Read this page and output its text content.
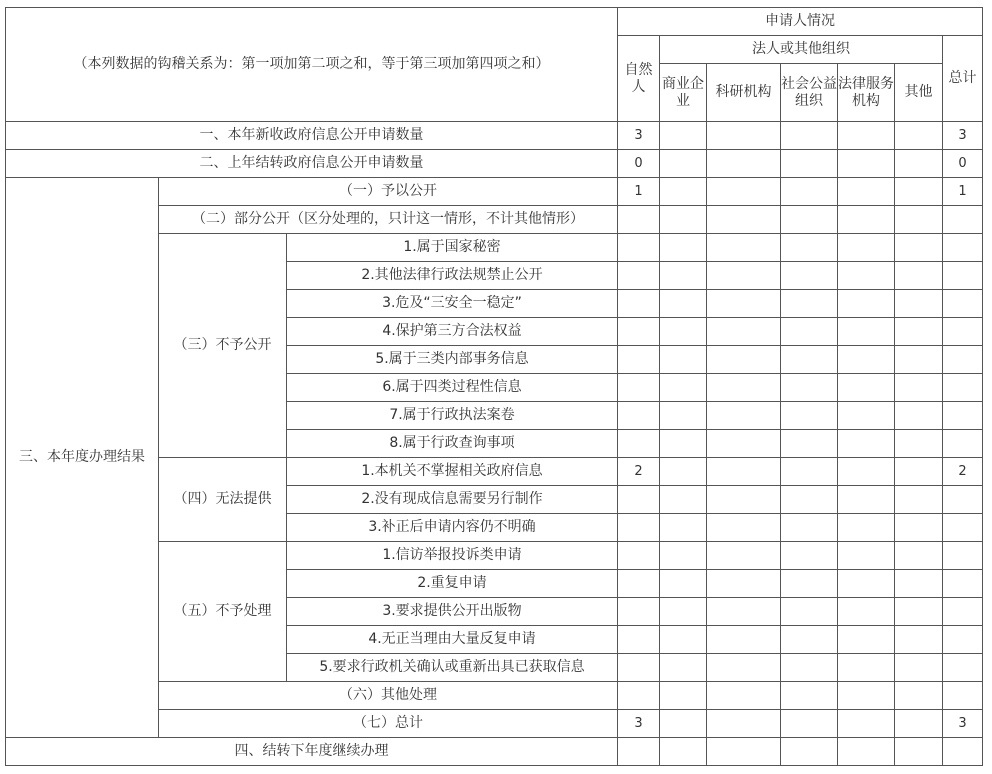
（本列数据的钩稽关系为：第一项加第二项之和，等于第三项加第四项之和）			申请人情况						
			自然人	法人或其他组织					总计
				商业企业	科研机构	社会公益组织	法律服务机构	其他	
一、本年新收政府信息公开申请数量			3						3
二、上年结转政府信息公开申请数量			0						0
三、本年度办理结果	（一）予以公开		1						1
	（二）部分公开（区分处理的，只计这一情形，不计其他情形）								
	（三）不予公开	1.属于国家秘密							
		2.其他法律行政法规禁止公开							
		3.危及“三安全一稳定”							
		4.保护第三方合法权益							
		5.属于三类内部事务信息							
		6.属于四类过程性信息							
		7.属于行政执法案卷							
		8.属于行政查询事项							
	（四）无法提供	1.本机关不掌握相关政府信息	2						2
		2.没有现成信息需要另行制作							
		3.补正后申请内容仍不明确							
	（五）不予处理	1.信访举报投诉类申请							
		2.重复申请							
		3.要求提供公开出版物							
		4.无正当理由大量反复申请							
		5.要求行政机关确认或重新出具已获取信息							
	（六）其他处理								
	（七）总计		3						3
四、结转下年度继续办理									
